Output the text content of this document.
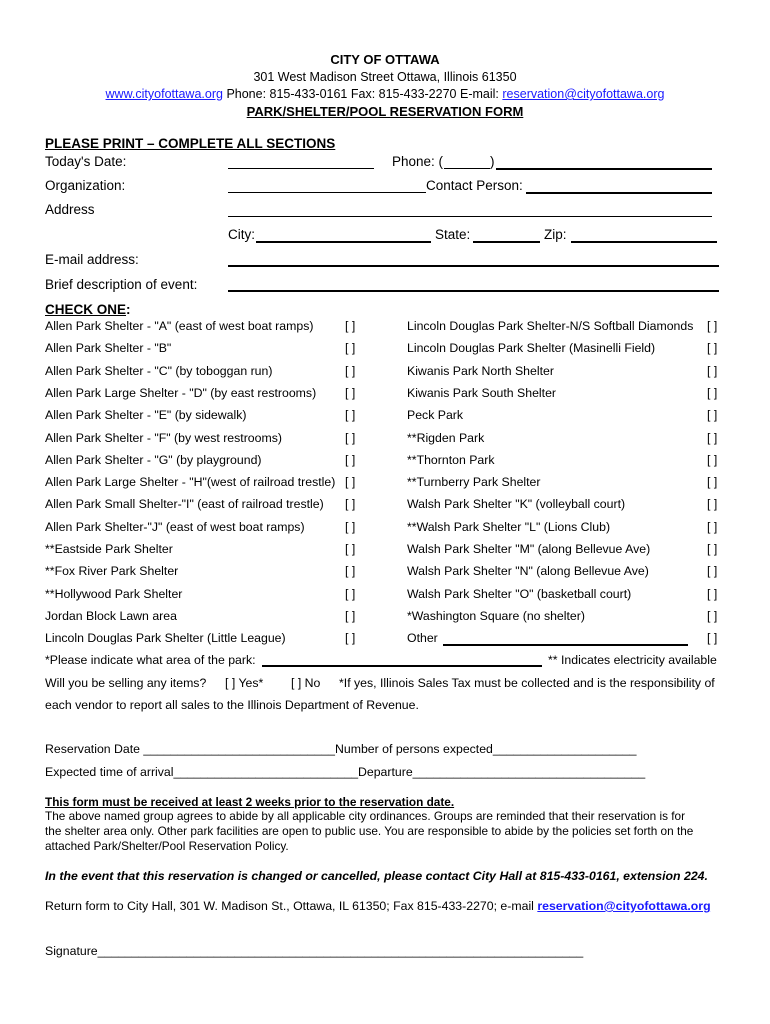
CITY OF OTTAWA
301 West Madison Street Ottawa, Illinois 61350
www.cityofottawa.org Phone: 815-433-0161 Fax: 815-433-2270 E-mail: reservation@cityofottawa.org
PARK/SHELTER/POOL RESERVATION FORM
PLEASE PRINT – COMPLETE ALL SECTIONS
Today's Date:	Phone: (	)
Organization:	Contact Person:
Address
City:	State:	Zip:
E-mail address:
Brief description of event:
CHECK ONE:
Allen Park Shelter - "A" (east of west boat ramps)	[ ]
Allen Park Shelter - "B"	[ ]
Allen Park Shelter - "C" (by toboggan run)	[ ]
Allen Park Large Shelter - "D" (by east restrooms) [ ]
Allen Park Shelter - "E" (by sidewalk)	[ ]
Allen Park Shelter - "F" (by west restrooms)	[ ]
Allen Park Shelter - "G" (by playground)	[ ]
Allen Park Large Shelter - "H"(west of railroad trestle) [ ]
Allen Park Small Shelter-"I" (east of railroad trestle) [ ]
Allen Park Shelter-"J" (east of west boat ramps)	[ ]
**Eastside Park Shelter	[ ]
**Fox River Park Shelter	[ ]
**Hollywood Park Shelter	[ ]
Jordan Block Lawn area	[ ]
Lincoln Douglas Park Shelter (Little League)	[ ]
Lincoln Douglas Park Shelter-N/S Softball Diamonds [ ]
Lincoln Douglas Park Shelter (Masinelli Field)	[ ]
Kiwanis Park North Shelter	[ ]
Kiwanis Park South Shelter	[ ]
Peck Park	[ ]
**Rigden Park	[ ]
**Thornton Park	[ ]
**Turnberry Park Shelter	[ ]
Walsh Park Shelter "K" (volleyball court)	[ ]
**Walsh Park Shelter "L" (Lions Club)	[ ]
Walsh Park Shelter "M" (along Bellevue Ave)	[ ]
Walsh Park Shelter "N" (along Bellevue Ave)	[ ]
Walsh Park Shelter "O" (basketball court)	[ ]
*Washington Square (no shelter)	[ ]
Other	[ ]
*Please indicate what area of the park:	** Indicates electricity available
Will you be selling any items? [ ] Yes* [ ] No *If yes, Illinois Sales Tax must be collected and is the responsibility of
each vendor to report all sales to the Illinois Department of Revenue.
Reservation Date ____________________________ Number of persons expected_____________________
Expected time of arrival___________________________ Departure__________________________________
This form must be received at least 2 weeks prior to the reservation date.
The above named group agrees to abide by all applicable city ordinances. Groups are reminded that their reservation is for
the shelter area only. Other park facilities are open to public use. You are responsible to abide by the policies set forth on the
attached Park/Shelter/Pool Reservation Policy.
In the event that this reservation is changed or cancelled, please contact City Hall at 815-433-0161, extension 224.
Return form to City Hall, 301 W. Madison St., Ottawa, IL 61350; Fax 815-433-2270; e-mail reservation@cityofottawa.org
Signature_______________________________________________________________________
